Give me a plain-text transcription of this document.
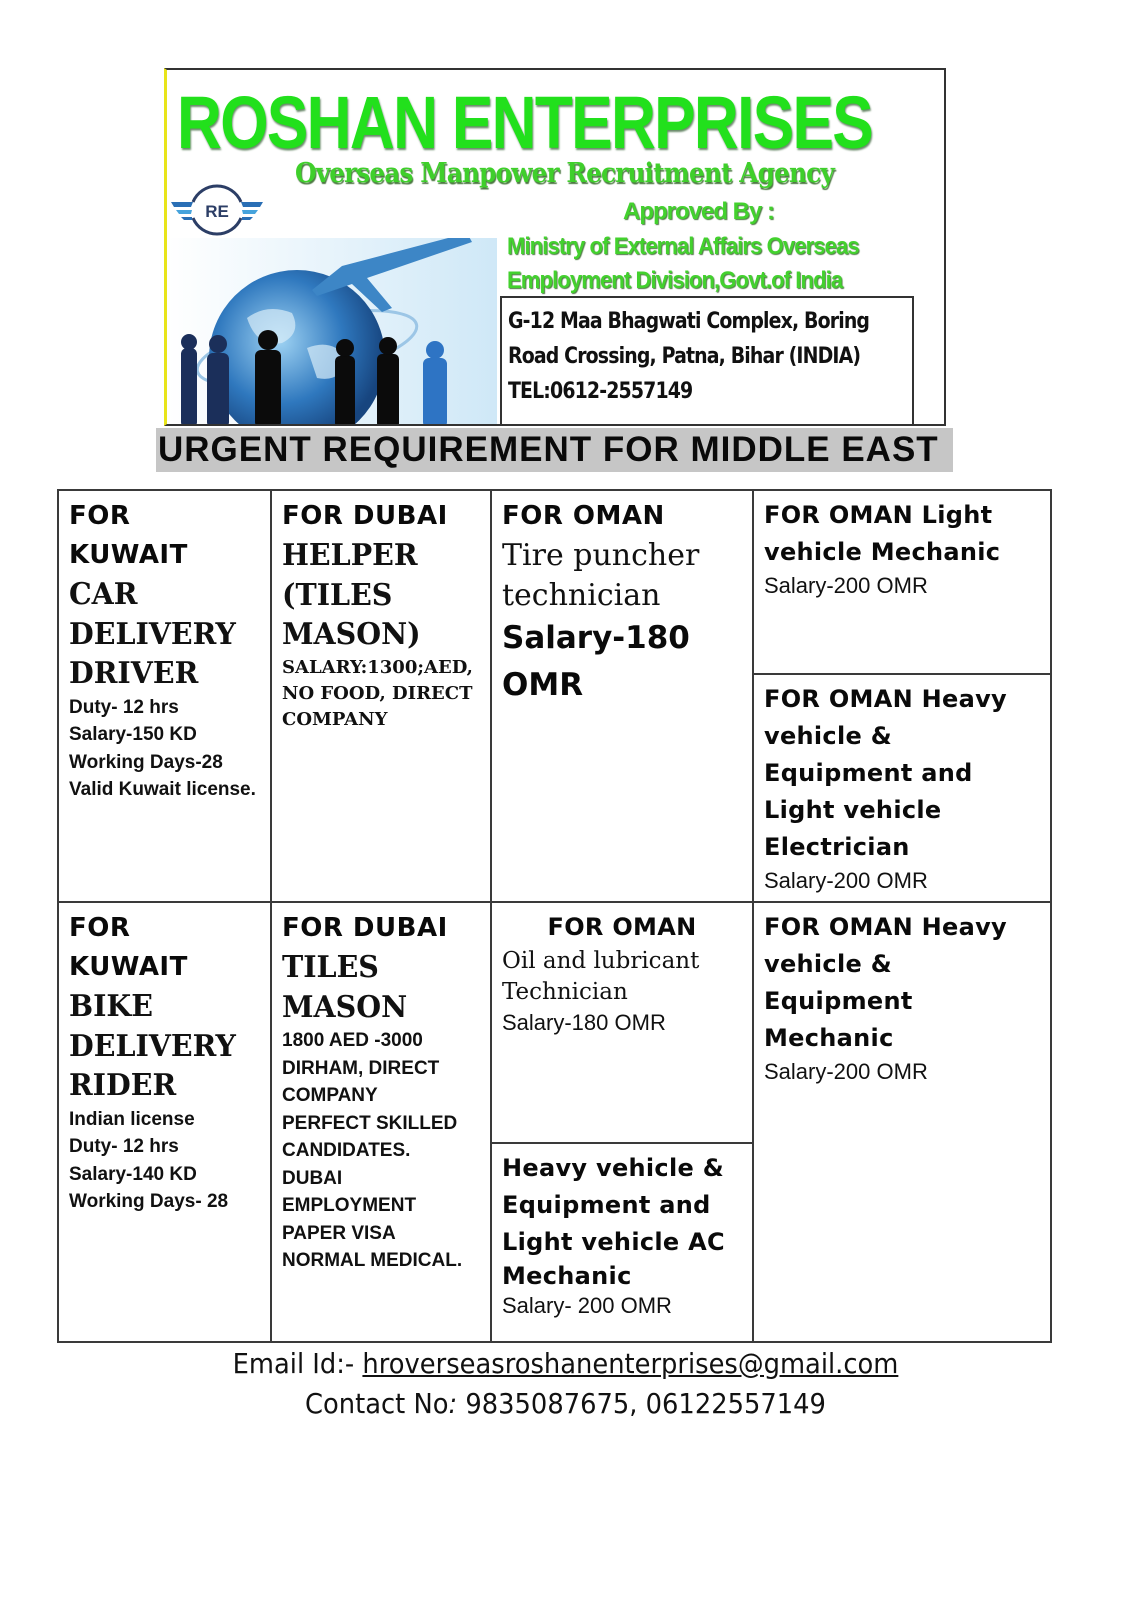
ROSHAN ENTERPRISES
Overseas Manpower Recruitment Agency
RE	Approved By :
Ministry of External Affairs Overseas
Employment Division,Govt.of India
G-12 Maa Bhagwati Complex, Boring
Road Crossing, Patna, Bihar (INDIA)
TEL:0612-2557149
URGENT REQUIREMENT FOR MIDDLE EAST
FOR
KUWAIT
CAR
DELIVERY
DRIVER
Duty- 12 hrs
Salary-150 KD
Working Days-28
Valid Kuwait license.
FOR DUBAI
HELPER
(TILES
MASON)
SALARY:1300;AED,
NO FOOD, DIRECT
COMPANY
FOR OMAN
Tire puncher
technician
Salary-180
OMR
FOR OMAN Light
vehicle Mechanic
Salary-200 OMR
FOR OMAN Heavy
vehicle &
Equipment and
Light vehicle
Electrician
Salary-200 OMR
FOR
KUWAIT
BIKE
DELIVERY
RIDER
Indian license
Duty- 12 hrs
Salary-140 KD
Working Days- 28
FOR DUBAI
TILES
MASON
1800 AED -3000
DIRHAM, DIRECT
COMPANY
PERFECT SKILLED
CANDIDATES.
DUBAI
EMPLOYMENT
PAPER VISA
NORMAL MEDICAL.
FOR OMAN
Oil and lubricant
Technician
Salary-180 OMR
Heavy vehicle &
Equipment and
Light vehicle AC
Mechanic
Salary- 200 OMR
FOR OMAN Heavy
vehicle &
Equipment
Mechanic
Salary-200 OMR
Email Id:- hroverseasroshanenterprises@gmail.com
Contact No: 9835087675, 06122557149
